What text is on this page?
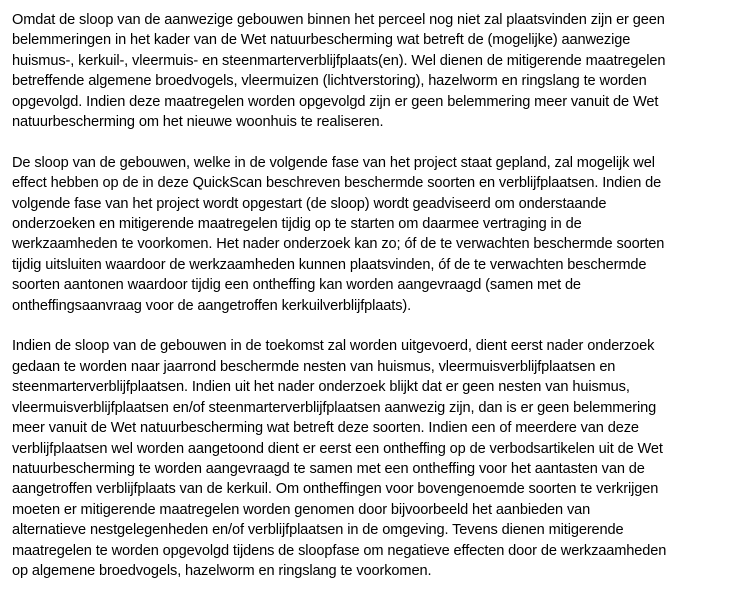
Omdat de sloop van de aanwezige gebouwen binnen het perceel nog niet zal plaatsvinden zijn er geen
belemmeringen in het kader van de Wet natuurbescherming wat betreft de (mogelijke) aanwezige
huismus-, kerkuil-, vleermuis- en steenmarterverblijfplaats(en). Wel dienen de mitigerende maatregelen
betreffende algemene broedvogels, vleermuizen (lichtverstoring), hazelworm en ringslang te worden
opgevolgd. Indien deze maatregelen worden opgevolgd zijn er geen belemmering meer vanuit de Wet
natuurbescherming om het nieuwe woonhuis te realiseren.

De sloop van de gebouwen, welke in de volgende fase van het project staat gepland, zal mogelijk wel
effect hebben op de in deze QuickScan beschreven beschermde soorten en verblijfplaatsen. Indien de
volgende fase van het project wordt opgestart (de sloop) wordt geadviseerd om onderstaande
onderzoeken en mitigerende maatregelen tijdig op te starten om daarmee vertraging in de
werkzaamheden te voorkomen. Het nader onderzoek kan zo; óf de te verwachten beschermde soorten
tijdig uitsluiten waardoor de werkzaamheden kunnen plaatsvinden, óf de te verwachten beschermde
soorten aantonen waardoor tijdig een ontheffing kan worden aangevraagd (samen met de
ontheffingsaanvraag voor de aangetroffen kerkuilverblijfplaats).

Indien de sloop van de gebouwen in de toekomst zal worden uitgevoerd, dient eerst nader onderzoek
gedaan te worden naar jaarrond beschermde nesten van huismus, vleermuisverblijfplaatsen en
steenmarterverblijfplaatsen. Indien uit het nader onderzoek blijkt dat er geen nesten van huismus,
vleermuisverblijfplaatsen en/of steenmarterverblijfplaatsen aanwezig zijn, dan is er geen belemmering
meer vanuit de Wet natuurbescherming wat betreft deze soorten. Indien een of meerdere van deze
verblijfplaatsen wel worden aangetoond dient er eerst een ontheffing op de verbodsartikelen uit de Wet
natuurbescherming te worden aangevraagd te samen met een ontheffing voor het aantasten van de
aangetroffen verblijfplaats van de kerkuil. Om ontheffingen voor bovengenoemde soorten te verkrijgen
moeten er mitigerende maatregelen worden genomen door bijvoorbeeld het aanbieden van
alternatieve nestgelegenheden en/of verblijfplaatsen in de omgeving. Tevens dienen mitigerende
maatregelen te worden opgevolgd tijdens de sloopfase om negatieve effecten door de werkzaamheden
op algemene broedvogels, hazelworm en ringslang te voorkomen.
